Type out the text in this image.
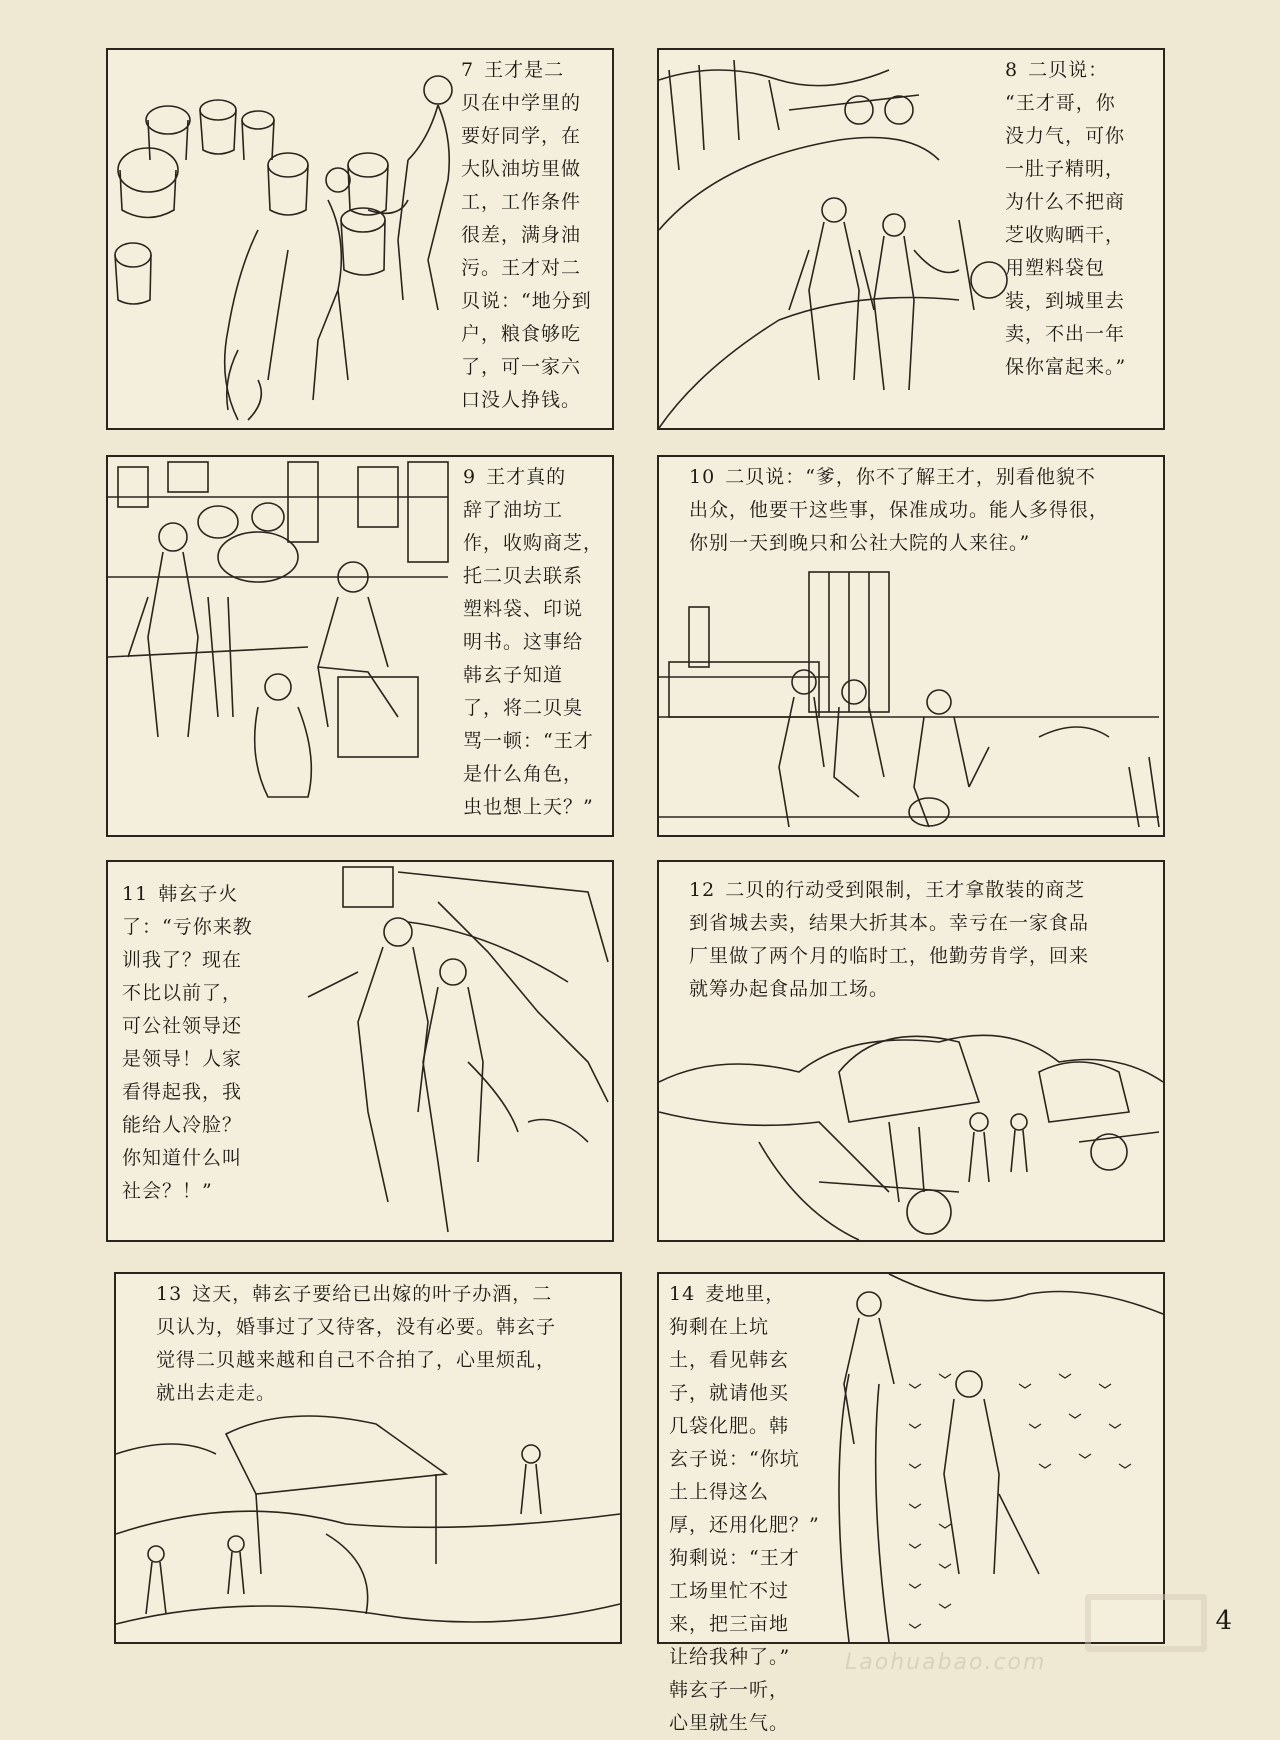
7 王才是二
贝在中学里的
要好同学，在
大队油坊里做
工，工作条件
很差，满身油
污。王才对二
贝说：“地分到
户，粮食够吃
了，可一家六
口没人挣钱。
8 二贝说：
“王才哥，你
没力气，可你
一肚子精明，
为什么不把商
芝收购晒干，
用塑料袋包
装，到城里去
卖，不出一年
保你富起来。”
9 王才真的
辞了油坊工
作，收购商芝，
托二贝去联系
塑料袋、印说
明书。这事给
韩玄子知道
了，将二贝臭
骂一顿：“王才
是什么角色，
虫也想上天？”
10 二贝说：“爹，你不了解王才，别看他貌不
出众，他要干这些事，保准成功。能人多得很，
你别一天到晚只和公社大院的人来往。”
11 韩玄子火
了：“亏你来教
训我了？现在
不比以前了，
可公社领导还
是领导！人家
看得起我，我
能给人冷脸？
你知道什么叫
社会？！”
12 二贝的行动受到限制，王才拿散装的商芝
到省城去卖，结果大折其本。幸亏在一家食品
厂里做了两个月的临时工，他勤劳肯学，回来
就筹办起食品加工场。
13 这天，韩玄子要给已出嫁的叶子办酒，二
贝认为，婚事过了又待客，没有必要。韩玄子
觉得二贝越来越和自己不合拍了，心里烦乱，
就出去走走。
14 麦地里，
狗剩在上坑
土，看见韩玄
子，就请他买
几袋化肥。韩
玄子说：“你坑
土上得这么
厚，还用化肥？”
狗剩说：“王才
工场里忙不过
来，把三亩地
让给我种了。”
韩玄子一听，
心里就生气。
Laohuabao.com
4
